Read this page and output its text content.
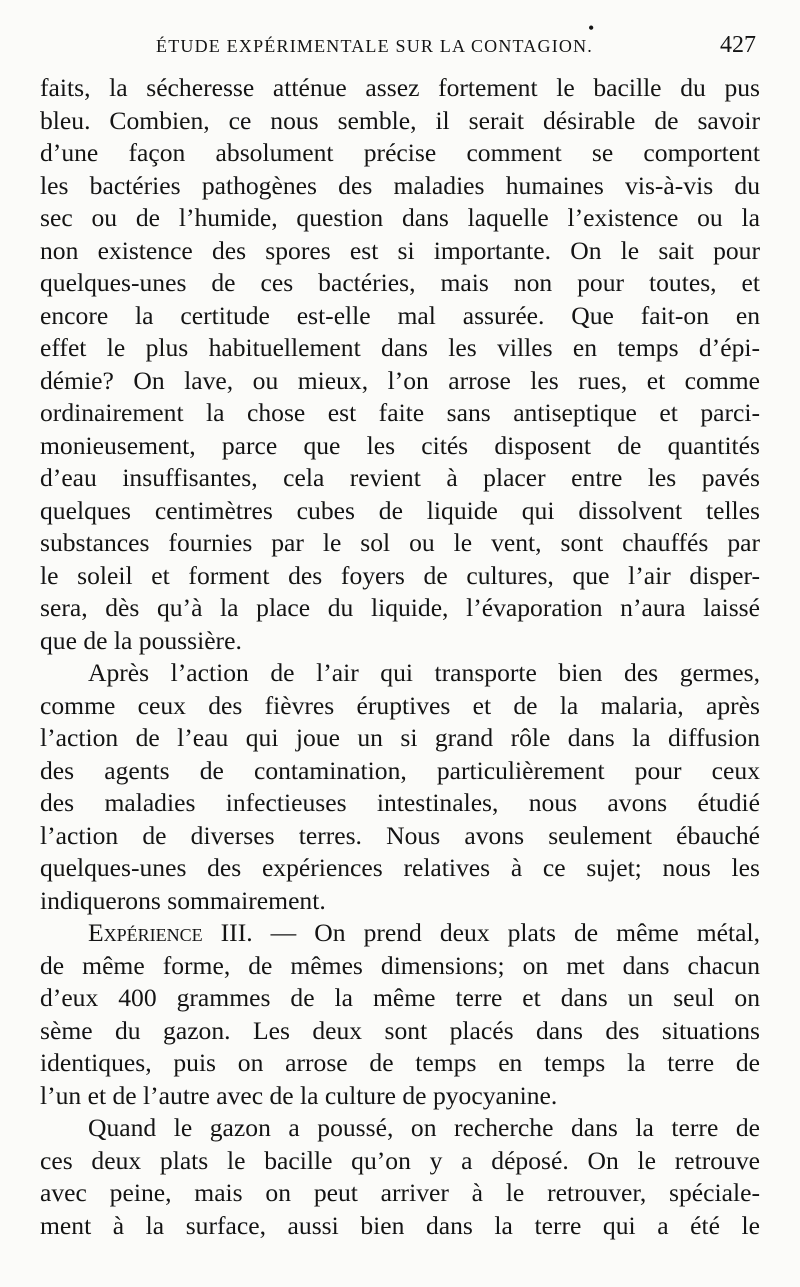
•
ÉTUDE EXPÉRIMENTALE SUR LA CONTAGION.	427

faits, la sécheresse atténue assez fortement le bacille du pus
bleu. Combien, ce nous semble, il serait désirable de savoir
d’une façon absolument précise comment se comportent
les bactéries pathogènes des maladies humaines vis-à-vis du
sec ou de l’humide, question dans laquelle l’existence ou la
non existence des spores est si importante. On le sait pour
quelques-unes de ces bactéries, mais non pour toutes, et
encore la certitude est-elle mal assurée. Que fait-on en
effet le plus habituellement dans les villes en temps d’épi-
démie? On lave, ou mieux, l’on arrose les rues, et comme
ordinairement la chose est faite sans antiseptique et parci-
monieusement, parce que les cités disposent de quantités
d’eau insuffisantes, cela revient à placer entre les pavés
quelques centimètres cubes de liquide qui dissolvent telles
substances fournies par le sol ou le vent, sont chauffés par
le soleil et forment des foyers de cultures, que l’air disper-
sera, dès qu’à la place du liquide, l’évaporation n’aura laissé
que de la poussière.

Après l’action de l’air qui transporte bien des germes,
comme ceux des fièvres éruptives et de la malaria, après
l’action de l’eau qui joue un si grand rôle dans la diffusion
des agents de contamination, particulièrement pour ceux
des maladies infectieuses intestinales, nous avons étudié
l’action de diverses terres. Nous avons seulement ébauché
quelques-unes des expériences relatives à ce sujet; nous les
indiquerons sommairement.

Expérience III. — On prend deux plats de même métal,
de même forme, de mêmes dimensions; on met dans chacun
d’eux 400 grammes de la même terre et dans un seul on
sème du gazon. Les deux sont placés dans des situations
identiques, puis on arrose de temps en temps la terre de
l’un et de l’autre avec de la culture de pyocyanine.

Quand le gazon a poussé, on recherche dans la terre de
ces deux plats le bacille qu’on y a déposé. On le retrouve
avec peine, mais on peut arriver à le retrouver, spéciale-
ment à la surface, aussi bien dans la terre qui a été le
